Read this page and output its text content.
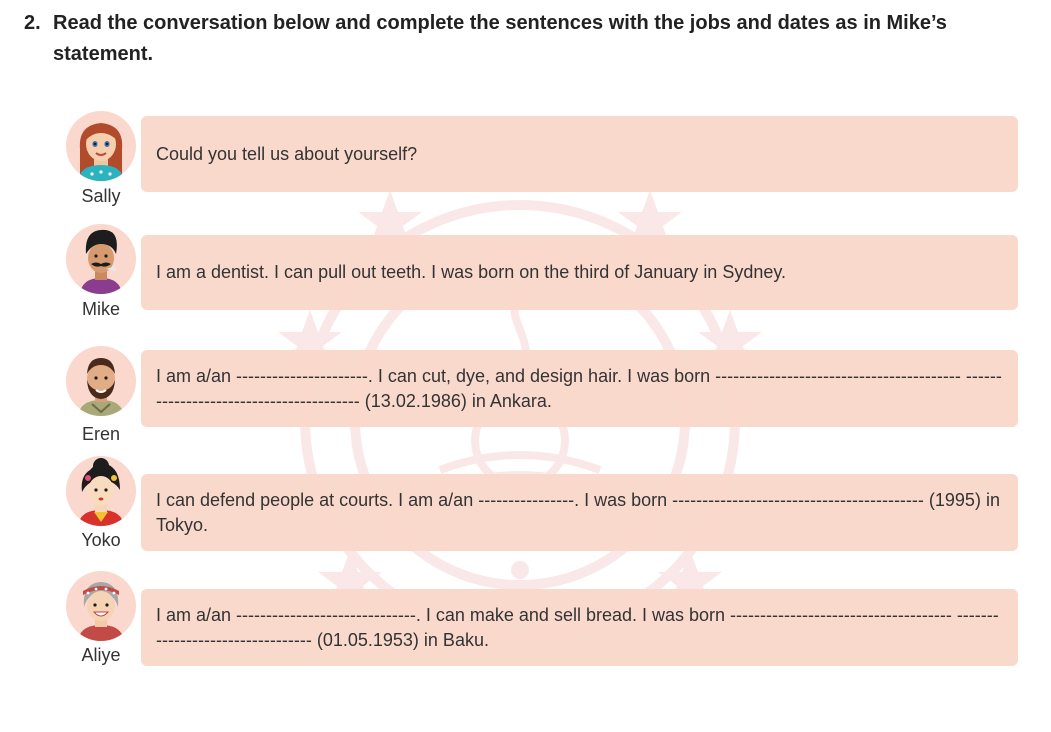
2. Read the conversation below and complete the sentences with the jobs and dates as in Mike’s
statement.
Sally
Could you tell us about yourself?
Mike
I am a dentist. I can pull out teeth. I was born on the third of January in Sydney.
Eren
I am a/an ----------------------. I can cut, dye, and design hair. I was born ----------------------------------------- ---------------------------------------- (13.02.1986) in Ankara.
Yoko
I can defend people at courts. I am a/an ----------------. I was born ------------------------------------------ (1995) in Tokyo.
Aliye
I am a/an ------------------------------. I can make and sell bread. I was born ------------------------------------- --------------------------------- (01.05.1953) in Baku.
